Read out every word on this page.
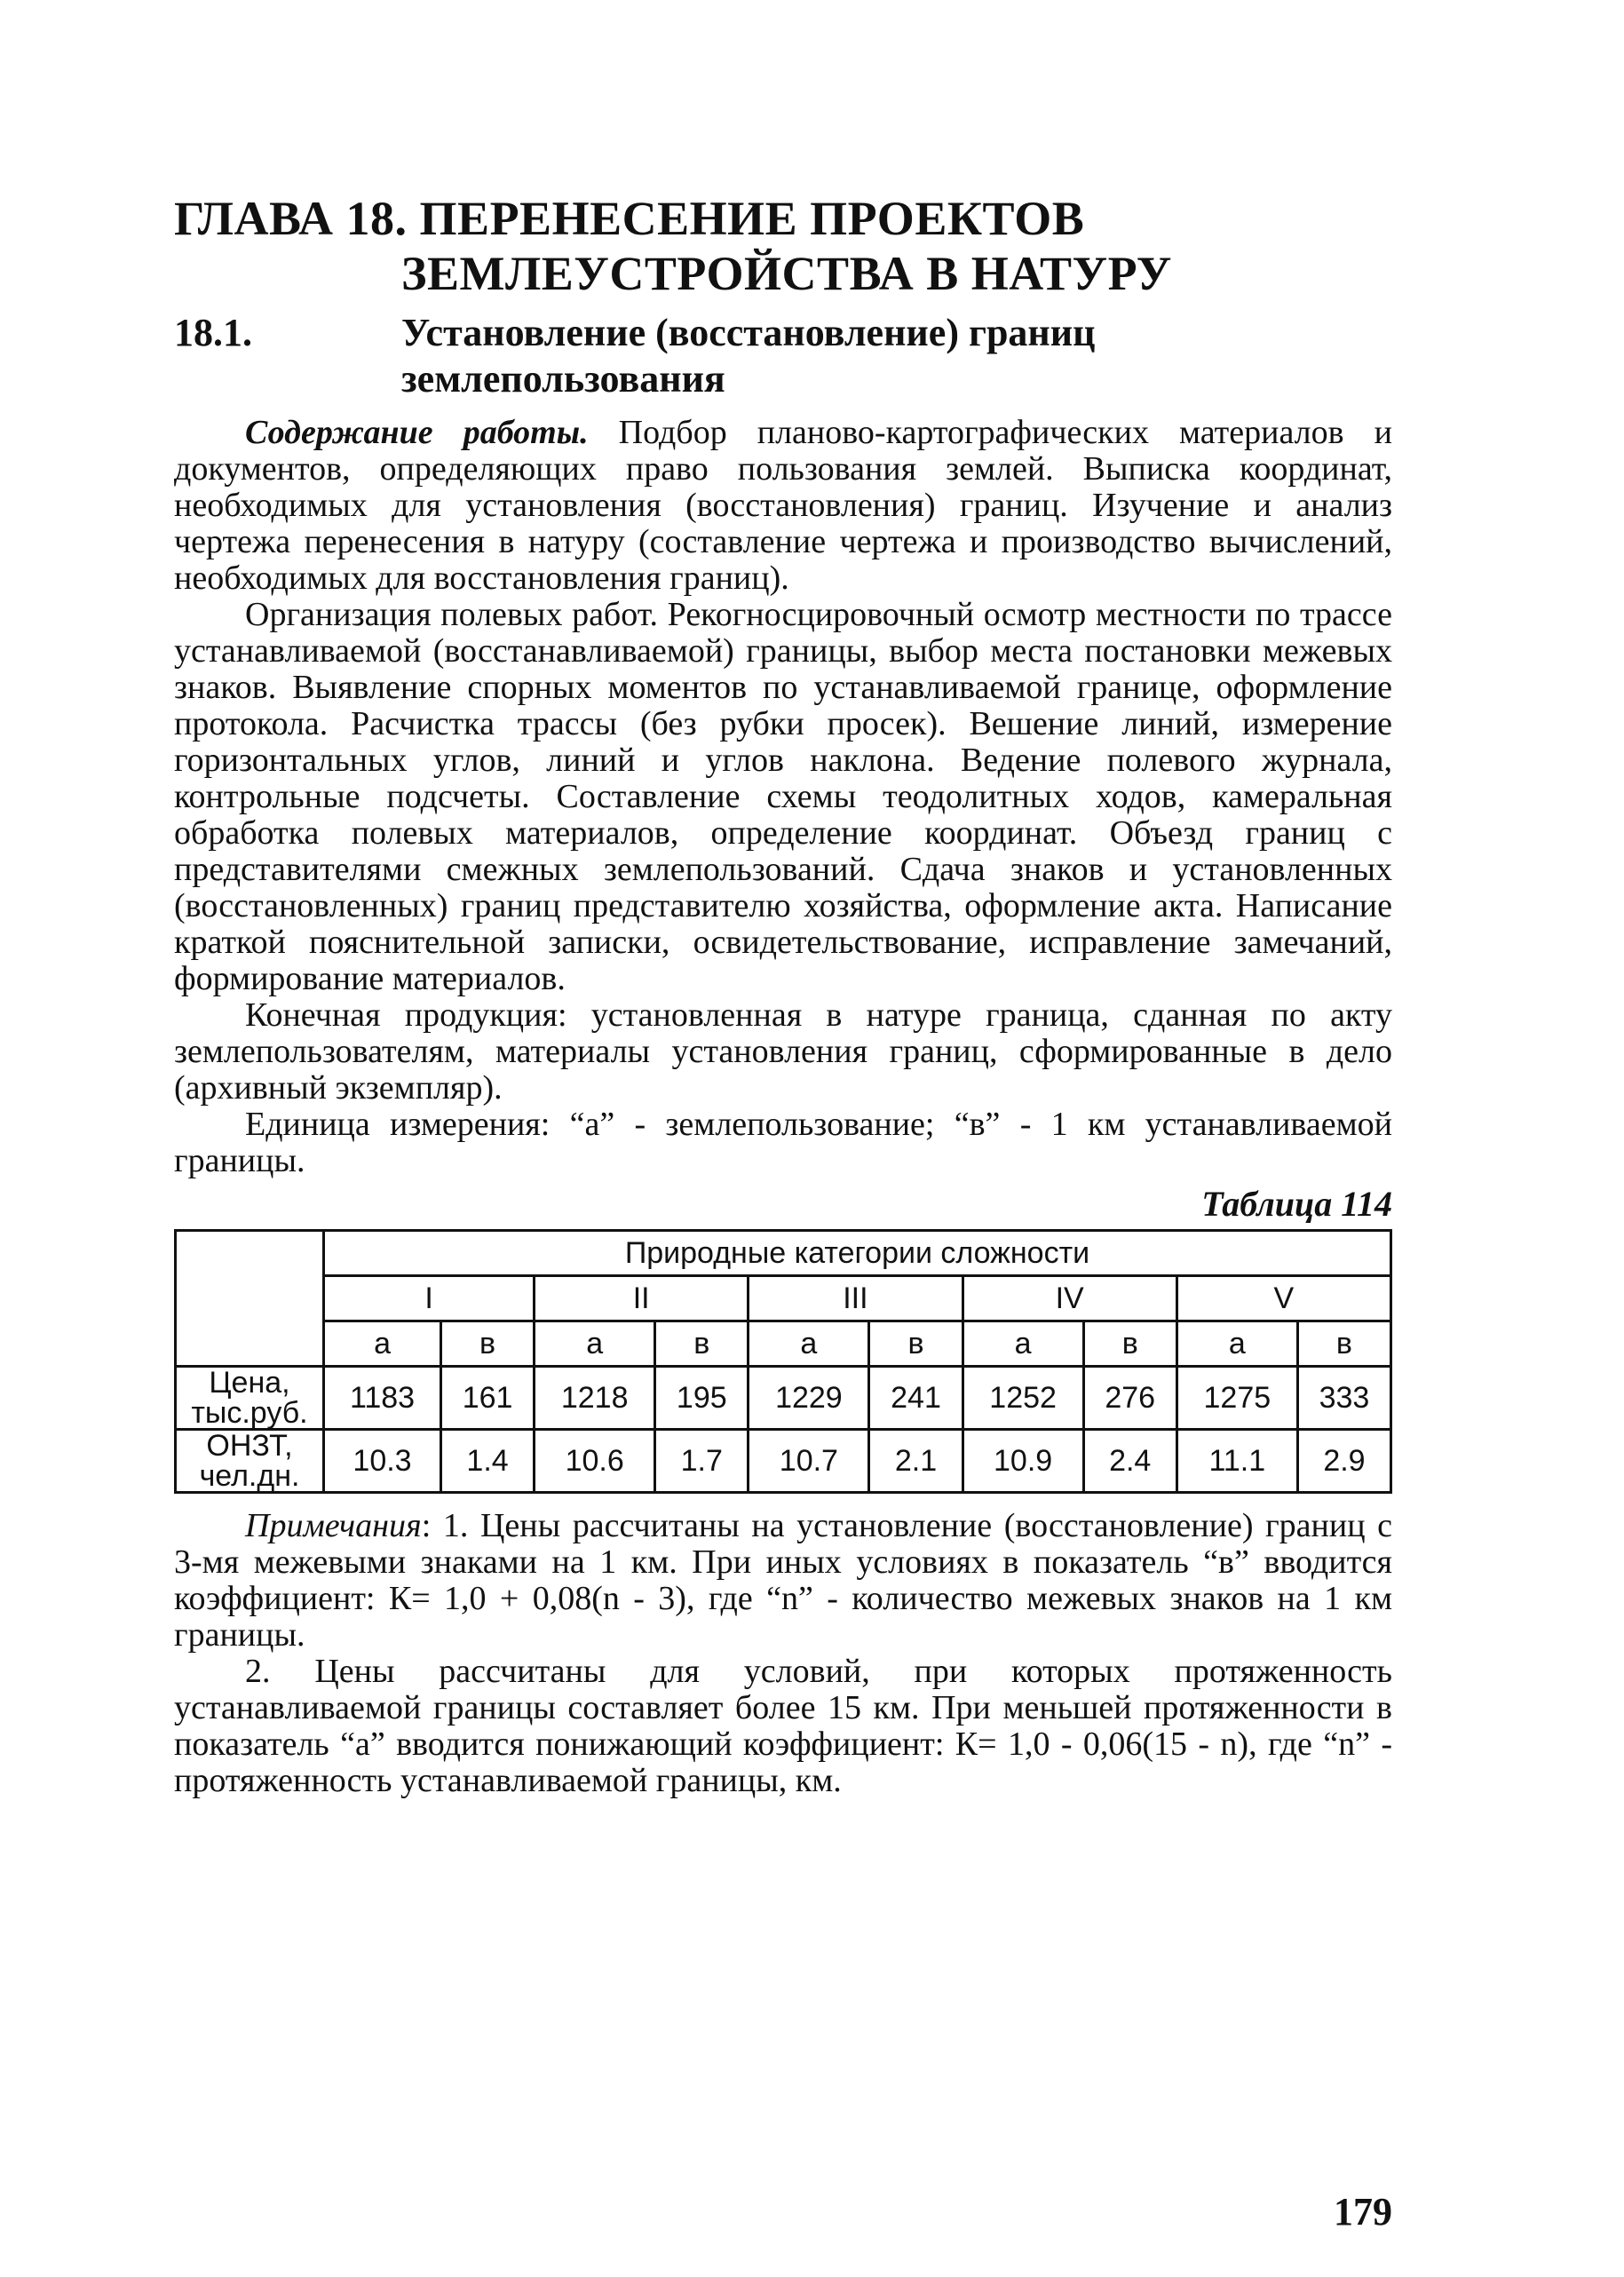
ГЛАВА 18. ПЕРЕНЕСЕНИЕ ПРОЕКТОВ
ЗЕМЛЕУСТРОЙСТВА В НАТУРУ
18.1.	Установление (восстановление) границ землепользования

Содержание работы. Подбор планово-картографических материалов и документов, определяющих право пользования землей. Выписка координат, необходимых для установления (восстановления) границ. Изучение и анализ чертежа перенесения в натуру (составление чертежа и производство вычислений, необходимых для восстановления границ).

Организация полевых работ. Рекогносцировочный осмотр местности по трассе устанавливаемой (восстанавливаемой) границы, выбор места постановки межевых знаков. Выявление спорных моментов по устанавливаемой границе, оформление протокола. Расчистка трассы (без рубки просек). Вешение линий, измерение горизонтальных углов, линий и углов наклона. Ведение полевого журнала, контрольные подсчеты. Составление схемы теодолитных ходов, камеральная обработка полевых материалов, определение координат. Объезд границ с представителями смежных землепользований. Сдача знаков и установленных (восстановленных) границ представителю хозяйства, оформление акта. Написание краткой пояснительной записки, освидетельствование, исправление замечаний, формирование материалов.

Конечная продукция: установленная в натуре граница, сданная по акту землепользователям, материалы установления границ, сформированные в дело (архивный экземпляр).

Единица измерения: “а” - землепользование; “в” - 1 км устанавливаемой границы.

Таблица 114
	Природные категории сложности									
	I		II		III		IV		V	
	а	в	а	в	а	в	а	в	а	в
Цена, тыс.руб.	1183	161	1218	195	1229	241	1252	276	1275	333
ОНЗТ, чел.дн.	10.3	1.4	10.6	1.7	10.7	2.1	10.9	2.4	11.1	2.9

Примечания: 1. Цены рассчитаны на установление (восстановление) границ с 3-мя межевыми знаками на 1 км. При иных условиях в показатель “в” вводится коэффициент: К= 1,0 + 0,08(n - 3), где “n” - количество межевых знаков на 1 км границы.

2. Цены рассчитаны для условий, при которых протяженность устанавливаемой границы составляет более 15 км. При меньшей протяженности в показатель “а” вводится понижающий коэффициент: К= 1,0 - 0,06(15 - n), где “n” - протяженность устанавливаемой границы, км.

179
